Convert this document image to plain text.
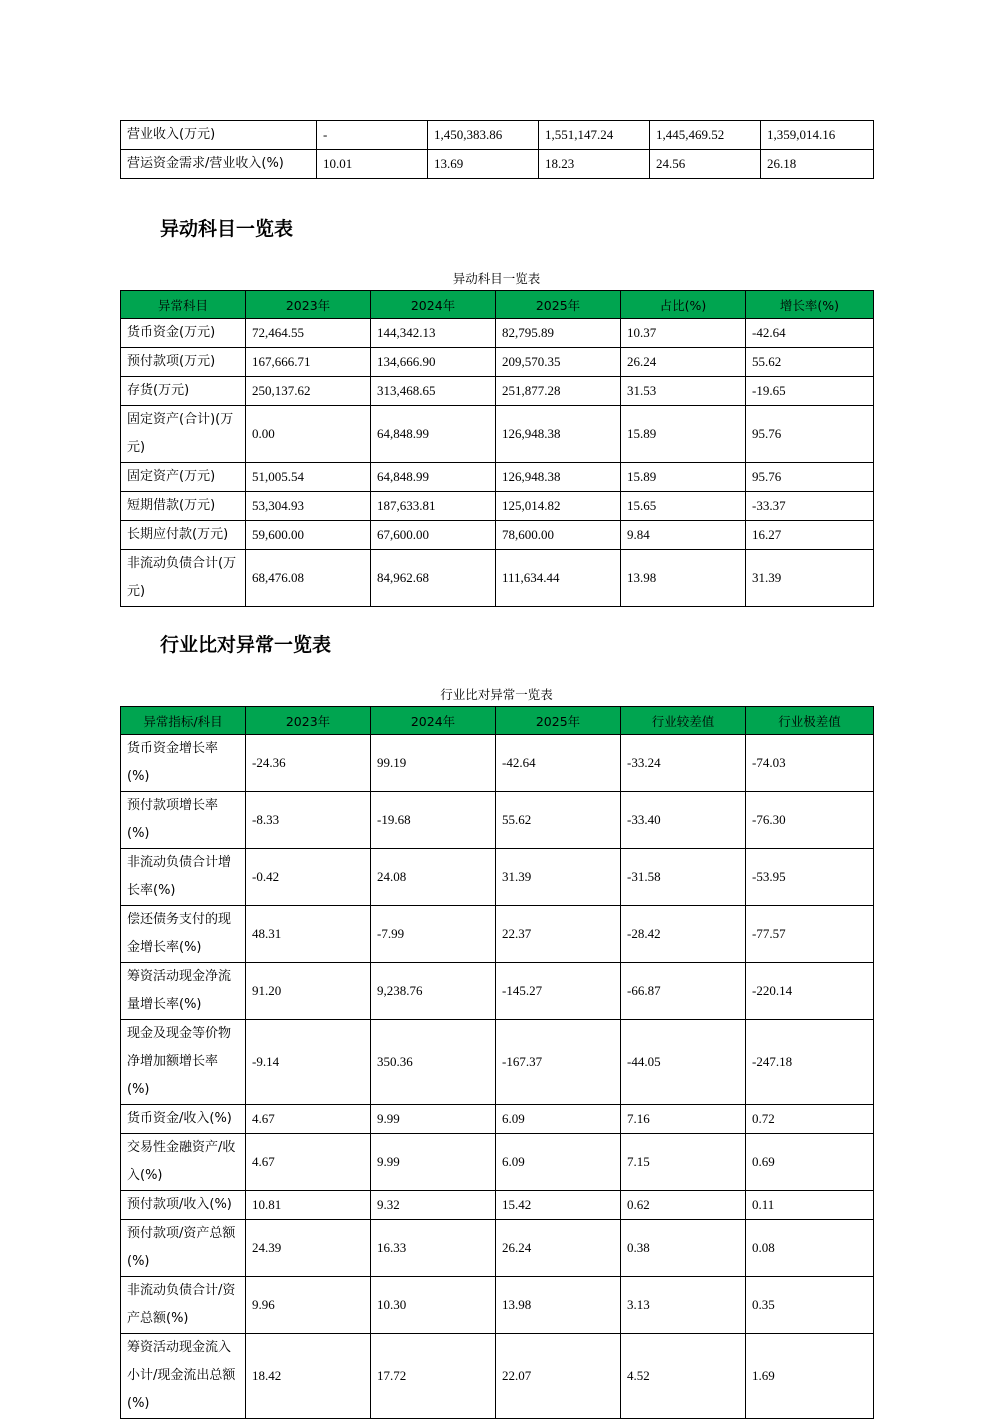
营业收入(万元)	-	1,450,383.86	1,551,147.24	1,445,469.52	1,359,014.16
营运资金需求/营业收入(%)	10.01	13.69	18.23	24.56	26.18
异动科目一览表
异动科目一览表
异常科目	2023年	2024年	2025年	占比(%)	增长率(%)
货币资金(万元)	72,464.55	144,342.13	82,795.89	10.37	-42.64
预付款项(万元)	167,666.71	134,666.90	209,570.35	26.24	55.62
存货(万元)	250,137.62	313,468.65	251,877.28	31.53	-19.65
固定资产(合计)(万元)	0.00	64,848.99	126,948.38	15.89	95.76
固定资产(万元)	51,005.54	64,848.99	126,948.38	15.89	95.76
短期借款(万元)	53,304.93	187,633.81	125,014.82	15.65	-33.37
长期应付款(万元)	59,600.00	67,600.00	78,600.00	9.84	16.27
非流动负债合计(万元)	68,476.08	84,962.68	111,634.44	13.98	31.39
行业比对异常一览表
行业比对异常一览表
异常指标/科目	2023年	2024年	2025年	行业较差值	行业极差值
货币资金增长率(%)	-24.36	99.19	-42.64	-33.24	-74.03
预付款项增长率(%)	-8.33	-19.68	55.62	-33.40	-76.30
非流动负债合计增长率(%)	-0.42	24.08	31.39	-31.58	-53.95
偿还债务支付的现金增长率(%)	48.31	-7.99	22.37	-28.42	-77.57
筹资活动现金净流量增长率(%)	91.20	9,238.76	-145.27	-66.87	-220.14
现金及现金等价物净增加额增长率(%)	-9.14	350.36	-167.37	-44.05	-247.18
货币资金/收入(%)	4.67	9.99	6.09	7.16	0.72
交易性金融资产/收入(%)	4.67	9.99	6.09	7.15	0.69
预付款项/收入(%)	10.81	9.32	15.42	0.62	0.11
预付款项/资产总额(%)	24.39	16.33	26.24	0.38	0.08
非流动负债合计/资产总额(%)	9.96	10.30	13.98	3.13	0.35
筹资活动现金流入小计/现金流出总额(%)	18.42	17.72	22.07	4.52	1.69
